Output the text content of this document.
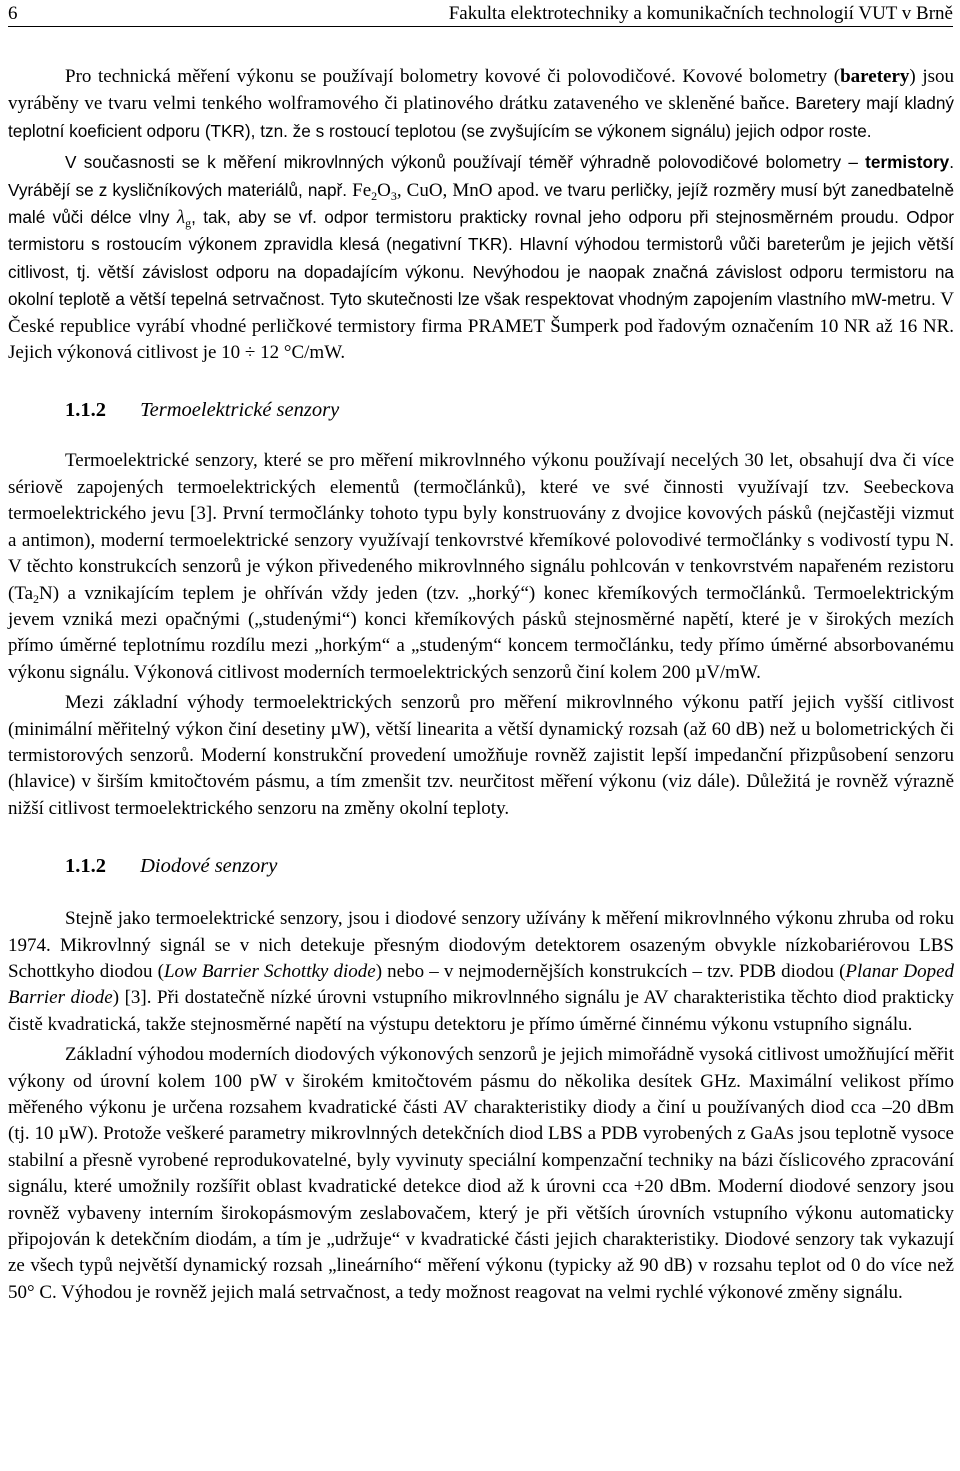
6	Fakulta elektrotechniky a komunikačních technologií VUT v Brně

Pro technická měření výkonu se používají bolometry kovové či polovodičové. Kovové bolometry (baretery) jsou vyráběny ve tvaru velmi tenkého wolframového či platinového drátku zataveného ve skleněné baňce. Baretery mají kladný teplotní koeficient odporu (TKR), tzn. že s rostoucí teplotou (se zvyšujícím se výkonem signálu) jejich odpor roste.

V současnosti se k měření mikrovlnných výkonů používají téměř výhradně polovodičové bolometry – termistory. Vyrábějí se z kysličníkových materiálů, např. $Fe_2O_3$, CuO, MnO apod. ve tvaru perličky, jejíž rozměry musí být zanedbatelně malé vůči délce vlny $\lambda_g$, tak, aby se vf. odpor termistoru prakticky rovnal jeho odporu při stejnosměrném proudu. Odpor termistoru s rostoucím výkonem zpravidla klesá (negativní TKR). Hlavní výhodou termistorů vůči bareterům je jejich větší citlivost, tj. větší závislost odporu na dopadajícím výkonu. Nevýhodou je naopak značná závislost odporu termistoru na okolní teplotě a větší tepelná setrvačnost. Tyto skutečnosti lze však respektovat vhodným zapojením vlastního mW-metru. V České republice vyrábí vhodné perličkové termistory firma PRAMET Šumperk pod řadovým označením 10 NR až 16 NR. Jejich výkonová citlivost je 10 ÷ 12 °C/mW.

1.1.2 Termoelektrické senzory

Termoelektrické senzory, které se pro měření mikrovlnného výkonu používají necelých 30 let, obsahují dva či více sériově zapojených termoelektrických elementů (termočlánků), které ve své činnosti využívají tzv. Seebeckova termoelektrického jevu [3]. První termočlánky tohoto typu byly konstruovány z dvojice kovových pásků (nejčastěji vizmut a antimon), moderní termoelektrické senzory využívají tenkovrstvé křemíkové polovodivé termočlánky s vodivostí typu N. V těchto konstrukcích senzorů je výkon přivedeného mikrovlnného signálu pohlcován v tenkovrstvém napařeném rezistoru $(Ta_2N)$ a vznikajícím teplem je ohříván vždy jeden (tzv. „horký“) konec křemíkových termočlánků. Termoelektrickým jevem vzniká mezi opačnými („studenými“) konci křemíkových pásků stejnosměrné napětí, které je v širokých mezích přímo úměrné teplotnímu rozdílu mezi „horkým“ a „studeným“ koncem termočlánku, tedy přímo úměrné absorbovanému výkonu signálu. Výkonová citlivost moderních termoelektrických senzorů činí kolem 200 µV/mW.

Mezi základní výhody termoelektrických senzorů pro měření mikrovlnného výkonu patří jejich vyšší citlivost (minimální měřitelný výkon činí desetiny µW), větší linearita a větší dynamický rozsah (až 60 dB) než u bolometrických či termistorových senzorů. Moderní konstrukční provedení umožňuje rovněž zajistit lepší impedanční přizpůsobení senzoru (hlavice) v širším kmitočtovém pásmu, a tím zmenšit tzv. neurčitost měření výkonu (viz dále). Důležitá je rovněž výrazně nižší citlivost termoelektrického senzoru na změny okolní teploty.

1.1.2 Diodové senzory

Stejně jako termoelektrické senzory, jsou i diodové senzory užívány k měření mikrovlnného výkonu zhruba od roku 1974. Mikrovlnný signál se v nich detekuje přesným diodovým detektorem osazeným obvykle nízkobariérovou LBS Schottkyho diodou (Low Barrier Schottky diode) nebo – v nejmodernějších konstrukcích – tzv. PDB diodou (Planar Doped Barrier diode) [3]. Při dostatečně nízké úrovni vstupního mikrovlnného signálu je AV charakteristika těchto diod prakticky čistě kvadratická, takže stejnosměrné napětí na výstupu detektoru je přímo úměrné činnému výkonu vstupního signálu.

Základní výhodou moderních diodových výkonových senzorů je jejich mimořádně vysoká citlivost umožňující měřit výkony od úrovní kolem 100 pW v širokém kmitočtovém pásmu do několika desítek GHz. Maximální velikost přímo měřeného výkonu je určena rozsahem kvadratické části AV charakteristiky diody a činí u používaných diod cca –20 dBm (tj. 10 µW). Protože veškeré parametry mikrovlnných detekčních diod LBS a PDB vyrobených z GaAs jsou teplotně vysoce stabilní a přesně vyrobené reprodukovatelné, byly vyvinuty speciální kompenzační techniky na bázi číslicového zpracování signálu, které umožnily rozšířit oblast kvadratické detekce diod až k úrovni cca +20 dBm. Moderní diodové senzory jsou rovněž vybaveny interním širokopásmovým zeslabovačem, který je při větších úrovních vstupního výkonu automaticky připojován k detekčním diodám, a tím je „udržuje“ v kvadratické části jejich charakteristiky. Diodové senzory tak vykazují ze všech typů největší dynamický rozsah „lineárního“ měření výkonu (typicky až 90 dB) v rozsahu teplot od 0 do více než 50° C. Výhodou je rovněž jejich malá setrvačnost, a tedy možnost reagovat na velmi rychlé výkonové změny signálu.
